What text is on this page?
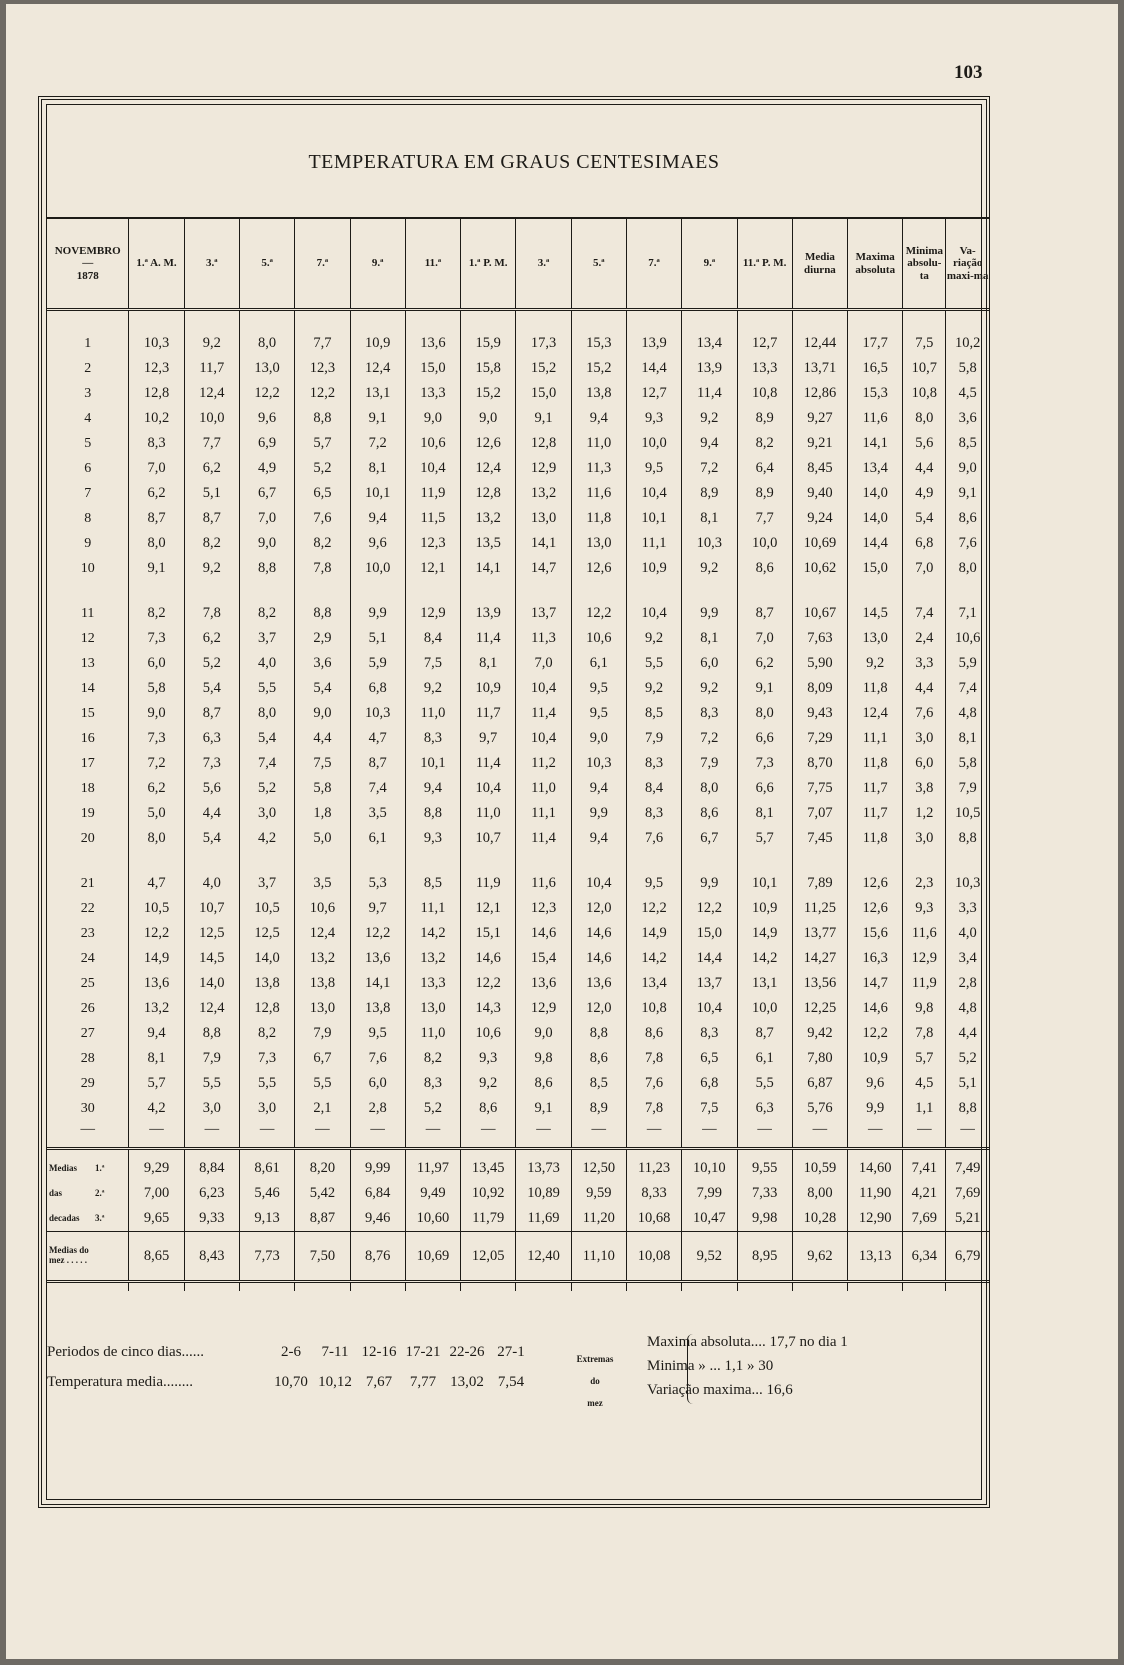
103
TEMPERATURA EM GRAUS CENTESIMAES
NOVEMBRO
—
1878	1.ª A. M.	3.ª	5.ª	7.ª	9.ª	11.ª	1.ª P. M.	3.ª	5.ª	7.ª	9.ª	11.ª P. M.	Media diurna	Maxima absoluta	Minima absolu-ta	Va-riação maxi-ma

1	10,3	9,2	8,0	7,7	10,9	13,6	15,9	17,3	15,3	13,9	13,4	12,7	12,44	17,7	7,5	10,2
2	12,3	11,7	13,0	12,3	12,4	15,0	15,8	15,2	15,2	14,4	13,9	13,3	13,71	16,5	10,7	5,8
3	12,8	12,4	12,2	12,2	13,1	13,3	15,2	15,0	13,8	12,7	11,4	10,8	12,86	15,3	10,8	4,5
4	10,2	10,0	9,6	8,8	9,1	9,0	9,0	9,1	9,4	9,3	9,2	8,9	9,27	11,6	8,0	3,6
5	8,3	7,7	6,9	5,7	7,2	10,6	12,6	12,8	11,0	10,0	9,4	8,2	9,21	14,1	5,6	8,5
6	7,0	6,2	4,9	5,2	8,1	10,4	12,4	12,9	11,3	9,5	7,2	6,4	8,45	13,4	4,4	9,0
7	6,2	5,1	6,7	6,5	10,1	11,9	12,8	13,2	11,6	10,4	8,9	8,9	9,40	14,0	4,9	9,1
8	8,7	8,7	7,0	7,6	9,4	11,5	13,2	13,0	11,8	10,1	8,1	7,7	9,24	14,0	5,4	8,6
9	8,0	8,2	9,0	8,2	9,6	12,3	13,5	14,1	13,0	11,1	10,3	10,0	10,69	14,4	6,8	7,6
10	9,1	9,2	8,8	7,8	10,0	12,1	14,1	14,7	12,6	10,9	9,2	8,6	10,62	15,0	7,0	8,0

11	8,2	7,8	8,2	8,8	9,9	12,9	13,9	13,7	12,2	10,4	9,9	8,7	10,67	14,5	7,4	7,1
12	7,3	6,2	3,7	2,9	5,1	8,4	11,4	11,3	10,6	9,2	8,1	7,0	7,63	13,0	2,4	10,6
13	6,0	5,2	4,0	3,6	5,9	7,5	8,1	7,0	6,1	5,5	6,0	6,2	5,90	9,2	3,3	5,9
14	5,8	5,4	5,5	5,4	6,8	9,2	10,9	10,4	9,5	9,2	9,2	9,1	8,09	11,8	4,4	7,4
15	9,0	8,7	8,0	9,0	10,3	11,0	11,7	11,4	9,5	8,5	8,3	8,0	9,43	12,4	7,6	4,8
16	7,3	6,3	5,4	4,4	4,7	8,3	9,7	10,4	9,0	7,9	7,2	6,6	7,29	11,1	3,0	8,1
17	7,2	7,3	7,4	7,5	8,7	10,1	11,4	11,2	10,3	8,3	7,9	7,3	8,70	11,8	6,0	5,8
18	6,2	5,6	5,2	5,8	7,4	9,4	10,4	11,0	9,4	8,4	8,0	6,6	7,75	11,7	3,8	7,9
19	5,0	4,4	3,0	1,8	3,5	8,8	11,0	11,1	9,9	8,3	8,6	8,1	7,07	11,7	1,2	10,5
20	8,0	5,4	4,2	5,0	6,1	9,3	10,7	11,4	9,4	7,6	6,7	5,7	7,45	11,8	3,0	8,8

21	4,7	4,0	3,7	3,5	5,3	8,5	11,9	11,6	10,4	9,5	9,9	10,1	7,89	12,6	2,3	10,3
22	10,5	10,7	10,5	10,6	9,7	11,1	12,1	12,3	12,0	12,2	12,2	10,9	11,25	12,6	9,3	3,3
23	12,2	12,5	12,5	12,4	12,2	14,2	15,1	14,6	14,6	14,9	15,0	14,9	13,77	15,6	11,6	4,0
24	14,9	14,5	14,0	13,2	13,6	13,2	14,6	15,4	14,6	14,2	14,4	14,2	14,27	16,3	12,9	3,4
25	13,6	14,0	13,8	13,8	14,1	13,3	12,2	13,6	13,6	13,4	13,7	13,1	13,56	14,7	11,9	2,8
26	13,2	12,4	12,8	13,0	13,8	13,0	14,3	12,9	12,0	10,8	10,4	10,0	12,25	14,6	9,8	4,8
27	9,4	8,8	8,2	7,9	9,5	11,0	10,6	9,0	8,8	8,6	8,3	8,7	9,42	12,2	7,8	4,4
28	8,1	7,9	7,3	6,7	7,6	8,2	9,3	9,8	8,6	7,8	6,5	6,1	7,80	10,9	5,7	5,2
29	5,7	5,5	5,5	5,5	6,0	8,3	9,2	8,6	8,5	7,6	6,8	5,5	6,87	9,6	4,5	5,1
30	4,2	3,0	3,0	2,1	2,8	5,2	8,6	9,1	8,9	7,8	7,5	6,3	5,76	9,9	1,1	8,8
—	—	—	—	—	—	—	—	—	—	—	—	—	—	—	—	—

Medias 1.ª	9,29	8,84	8,61	8,20	9,99	11,97	13,45	13,73	12,50	11,23	10,10	9,55	10,59	14,60	7,41	7,49
das 2.ª	7,00	6,23	5,46	5,42	6,84	9,49	10,92	10,89	9,59	8,33	7,99	7,33	8,00	11,90	4,21	7,69
decadas 3.ª	9,65	9,33	9,13	8,87	9,46	10,60	11,79	11,69	11,20	10,68	10,47	9,98	10,28	12,90	7,69	5,21

Medias do
mez . . . . .	8,65	8,43	7,73	7,50	8,76	10,69	12,05	12,40	11,10	10,08	9,52	8,95	9,62	13,13	6,34	6,79

Periodos de cinco dias......	2-6 7-11 12-16 17-21 22-26 27-1
Temperatura media........	10,70 10,12 7,67 7,77 13,02 7,54
Extremas
do
mez
Maxima absoluta.... 17,7 no dia 1
Minima » ... 1,1 » 30
Variação maxima... 16,6
